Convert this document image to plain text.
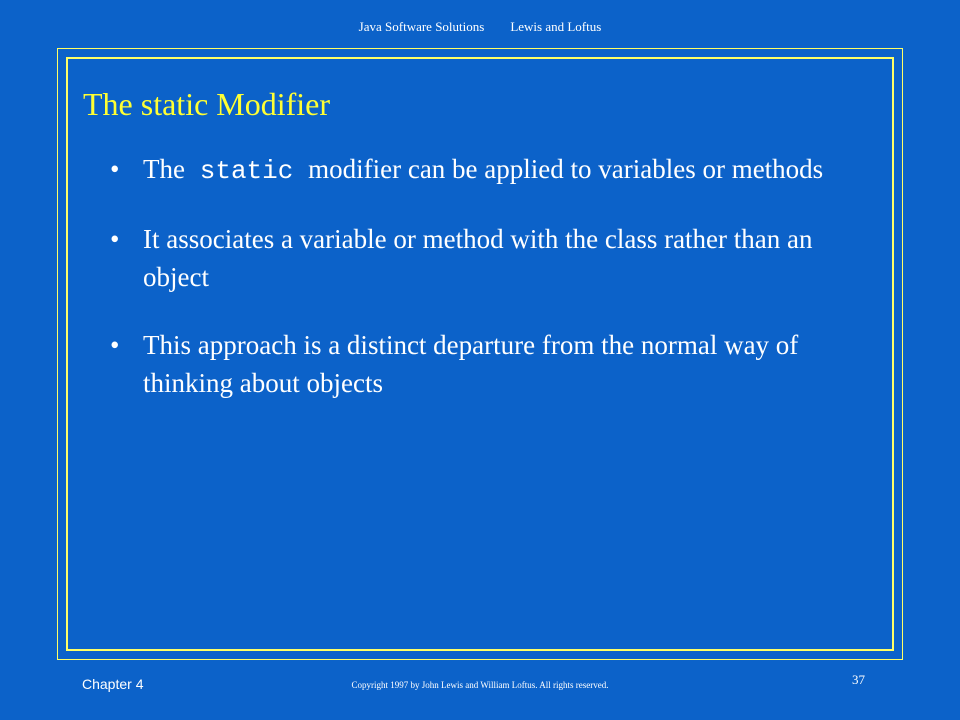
Java Software Solutions Lewis and Loftus
The static Modifier
• The static modifier can be applied to variables or methods
• It associates a variable or method with the class rather than an object
• This approach is a distinct departure from the normal way of thinking about objects
Chapter 4	Copyright 1997 by John Lewis and William Loftus. All rights reserved.	37
